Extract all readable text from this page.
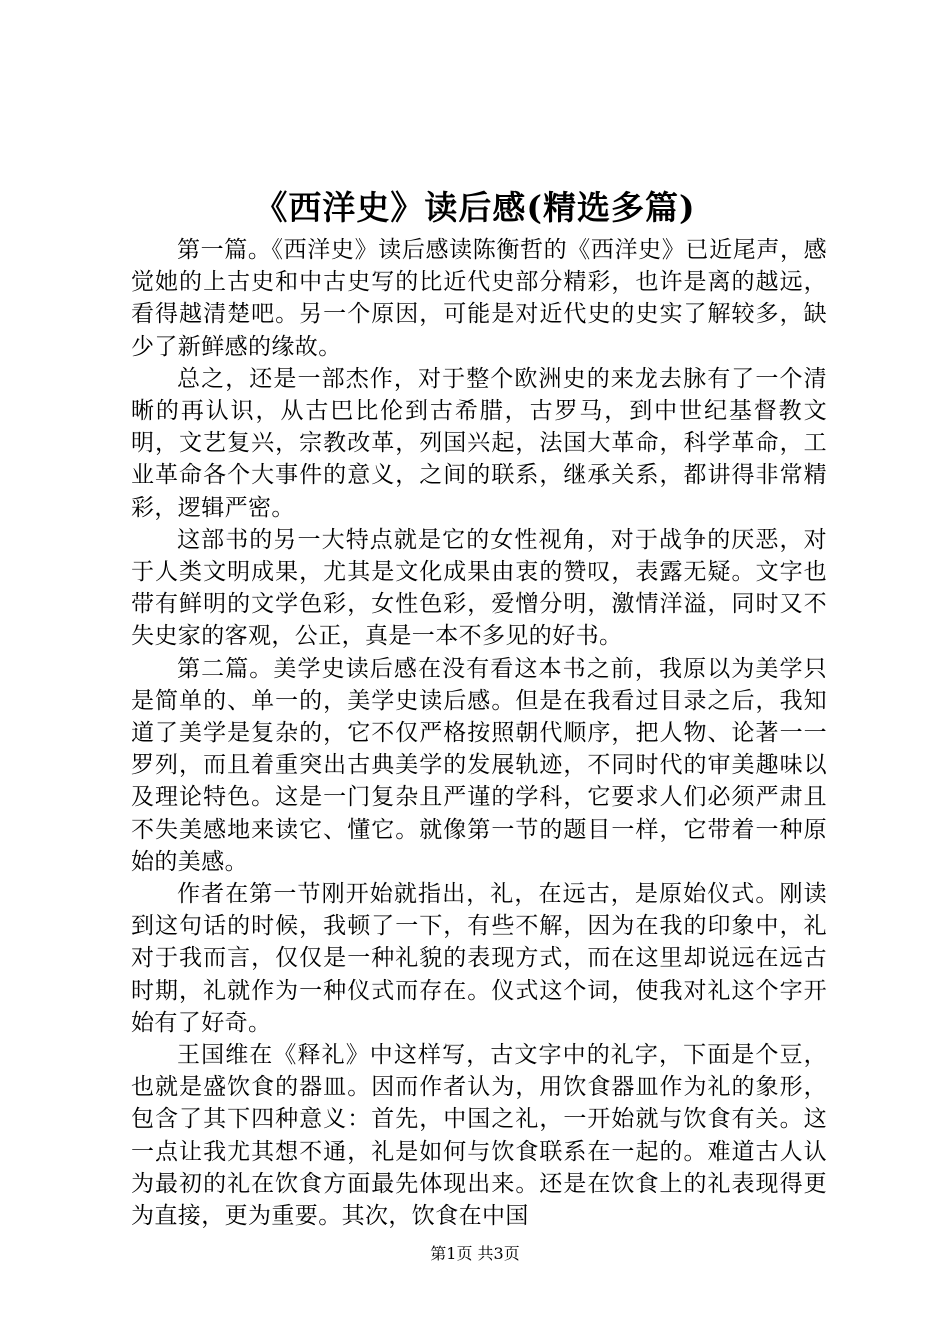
《西洋史》读后感(精选多篇)

第一篇。《西洋史》读后感读陈衡哲的《西洋史》已近尾声，感觉她的上古史和中古史写的比近代史部分精彩，也许是离的越远，看得越清楚吧。另一个原因，可能是对近代史的史实了解较多，缺少了新鲜感的缘故。

总之，还是一部杰作，对于整个欧洲史的来龙去脉有了一个清晰的再认识，从古巴比伦到古希腊，古罗马，到中世纪基督教文明，文艺复兴，宗教改革，列国兴起，法国大革命，科学革命，工业革命各个大事件的意义，之间的联系，继承关系，都讲得非常精彩，逻辑严密。

这部书的另一大特点就是它的女性视角，对于战争的厌恶，对于人类文明成果，尤其是文化成果由衷的赞叹，表露无疑。文字也带有鲜明的文学色彩，女性色彩，爱憎分明，激情洋溢，同时又不失史家的客观，公正，真是一本不多见的好书。

第二篇。美学史读后感在没有看这本书之前，我原以为美学只是简单的、单一的，美学史读后感。但是在我看过目录之后，我知道了美学是复杂的，它不仅严格按照朝代顺序，把人物、论著一一罗列，而且着重突出古典美学的发展轨迹，不同时代的审美趣味以及理论特色。这是一门复杂且严谨的学科，它要求人们必须严肃且不失美感地来读它、懂它。就像第一节的题目一样，它带着一种原始的美感。

作者在第一节刚开始就指出，礼，在远古，是原始仪式。刚读到这句话的时候，我顿了一下，有些不解，因为在我的印象中，礼对于我而言，仅仅是一种礼貌的表现方式，而在这里却说远在远古时期，礼就作为一种仪式而存在。仪式这个词，使我对礼这个字开始有了好奇。

王国维在《释礼》中这样写，古文字中的礼字，下面是个豆，也就是盛饮食的器皿。因而作者认为，用饮食器皿作为礼的象形，包含了其下四种意义：首先，中国之礼，一开始就与饮食有关。这一点让我尤其想不通，礼是如何与饮食联系在一起的。难道古人认为最初的礼在饮食方面最先体现出来。还是在饮食上的礼表现得更为直接，更为重要。其次，饮食在中国

第1页 共3页
